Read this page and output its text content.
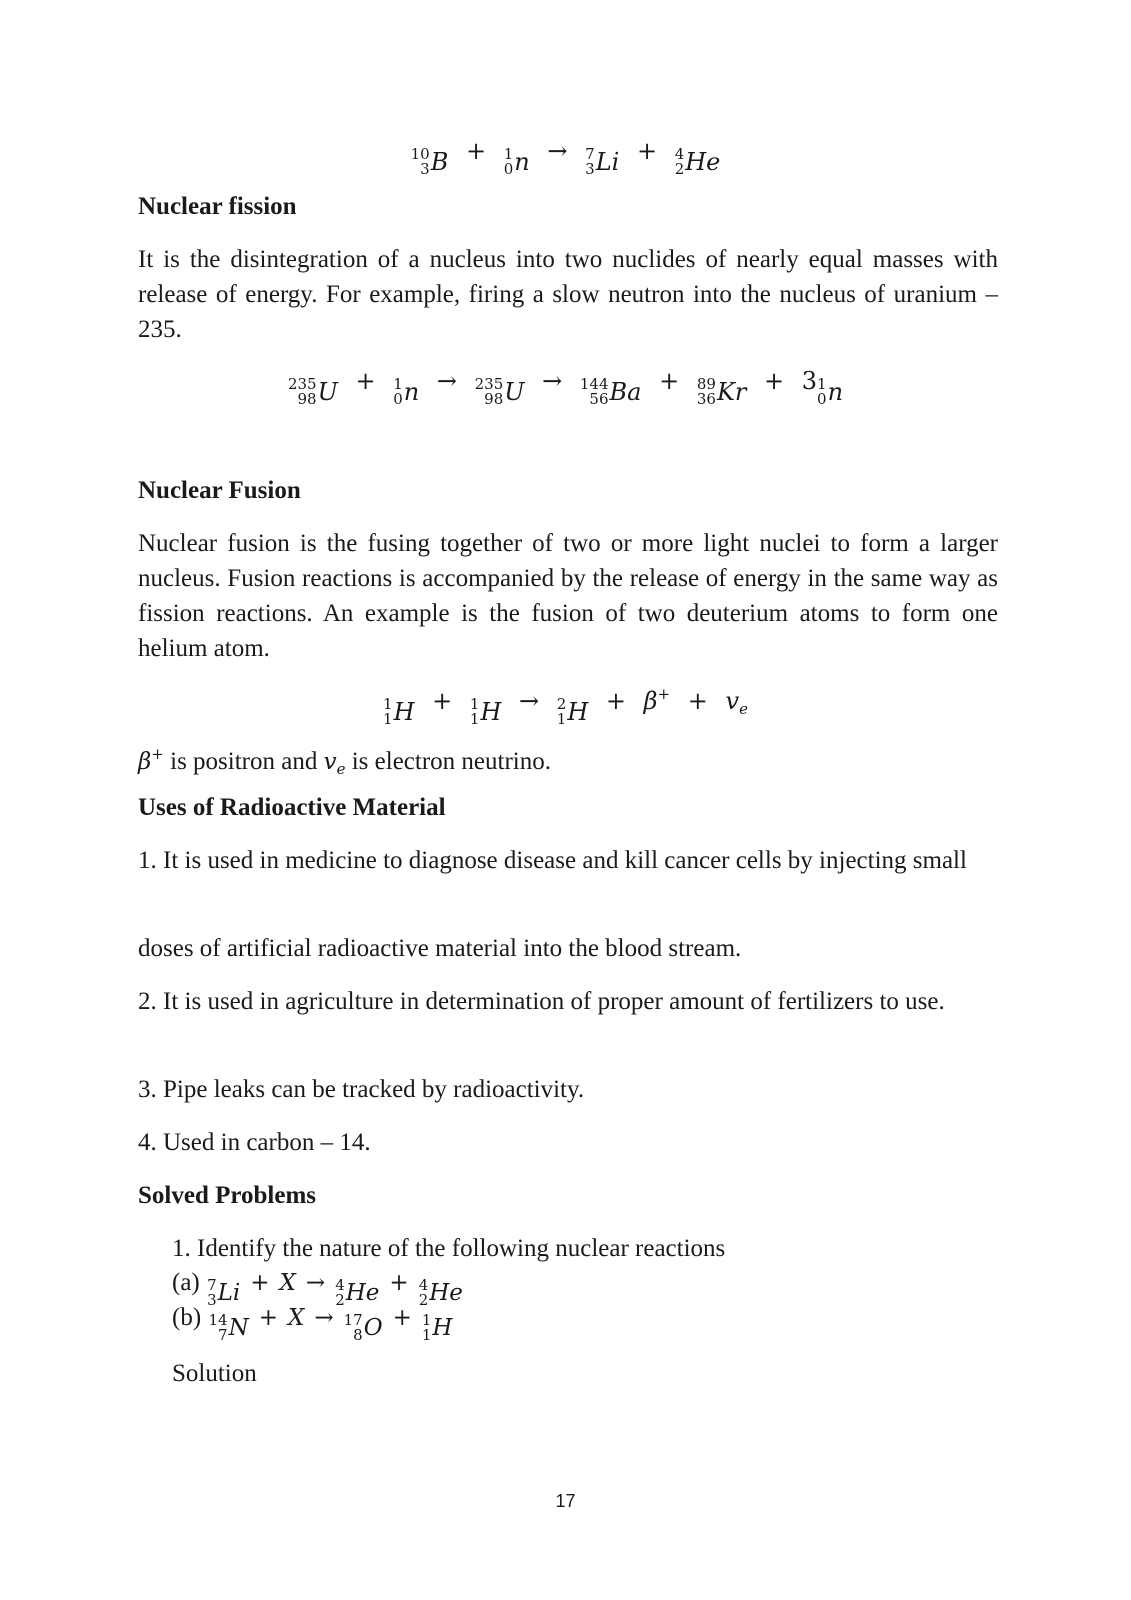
10
3 B + 1
0 n → 7
3 Li + 4
2 He
Nuclear fission
It is the disintegration of a nucleus into two nuclides of nearly equal masses with release of energy. For example, firing a slow neutron into the nucleus of uranium – 235.
235
98 U + 1
0 n → 235
98 U → 144
56 Ba + 89
36 Kr + 3 1
0 n
Nuclear Fusion
Nuclear fusion is the fusing together of two or more light nuclei to form a larger nucleus. Fusion reactions is accompanied by the release of energy in the same way as fission reactions. An example is the fusion of two deuterium atoms to form one helium atom.
1
1 H + 1
1 H → 2
1 $H + \beta^+ + v_e$
β+ is positron and $v_e$ is electron neutrino.
Uses of Radioactive Material
1. It is used in medicine to diagnose disease and kill cancer cells by injecting small
doses of artificial radioactive material into the blood stream.
2. It is used in agriculture in determination of proper amount of fertilizers to use.
3. Pipe leaks can be tracked by radioactivity.
4. Used in carbon – 14.
Solved Problems
1. Identify the nature of the following nuclear reactions
(a) 7
3 Li + X → 4
2 He + 4
2 He
(b) 14
7 N + X → 17
8 O + 1
1 H
Solution
17
